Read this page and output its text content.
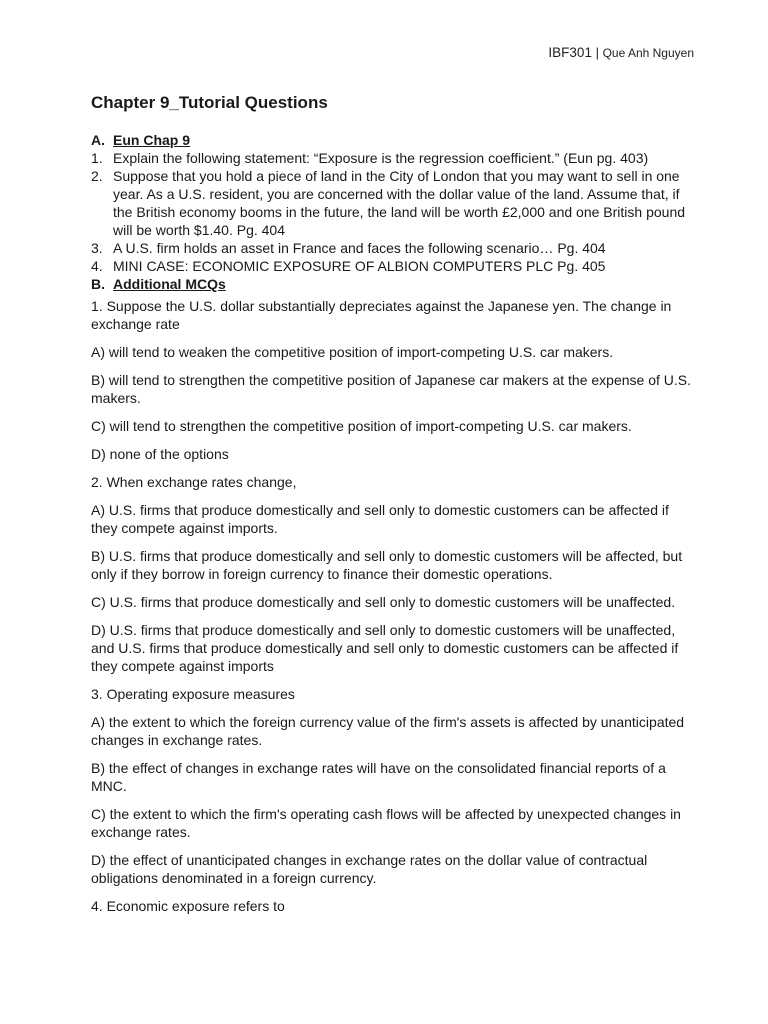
IBF301 | Que Anh Nguyen
Chapter 9_Tutorial Questions
A. Eun Chap 9
1. Explain the following statement: “Exposure is the regression coefficient.” (Eun pg. 403)
2. Suppose that you hold a piece of land in the City of London that you may want to sell in one year. As a U.S. resident, you are concerned with the dollar value of the land. Assume that, if the British economy booms in the future, the land will be worth £2,000 and one British pound will be worth $1.40. Pg. 404
3. A U.S. firm holds an asset in France and faces the following scenario… Pg. 404
4. MINI CASE: ECONOMIC EXPOSURE OF ALBION COMPUTERS PLC Pg. 405
B. Additional MCQs

1. Suppose the U.S. dollar substantially depreciates against the Japanese yen. The change in exchange rate

A) will tend to weaken the competitive position of import-competing U.S. car makers.

B) will tend to strengthen the competitive position of Japanese car makers at the expense of U.S. makers.

C) will tend to strengthen the competitive position of import-competing U.S. car makers.

D) none of the options

2. When exchange rates change,

A) U.S. firms that produce domestically and sell only to domestic customers can be affected if they compete against imports.

B) U.S. firms that produce domestically and sell only to domestic customers will be affected, but only if they borrow in foreign currency to finance their domestic operations.

C) U.S. firms that produce domestically and sell only to domestic customers will be unaffected.

D) U.S. firms that produce domestically and sell only to domestic customers will be unaffected, and U.S. firms that produce domestically and sell only to domestic customers can be affected if they compete against imports

3. Operating exposure measures

A) the extent to which the foreign currency value of the firm's assets is affected by unanticipated changes in exchange rates.

B) the effect of changes in exchange rates will have on the consolidated financial reports of a MNC.

C) the extent to which the firm's operating cash flows will be affected by unexpected changes in exchange rates.

D) the effect of unanticipated changes in exchange rates on the dollar value of contractual obligations denominated in a foreign currency.

4. Economic exposure refers to
